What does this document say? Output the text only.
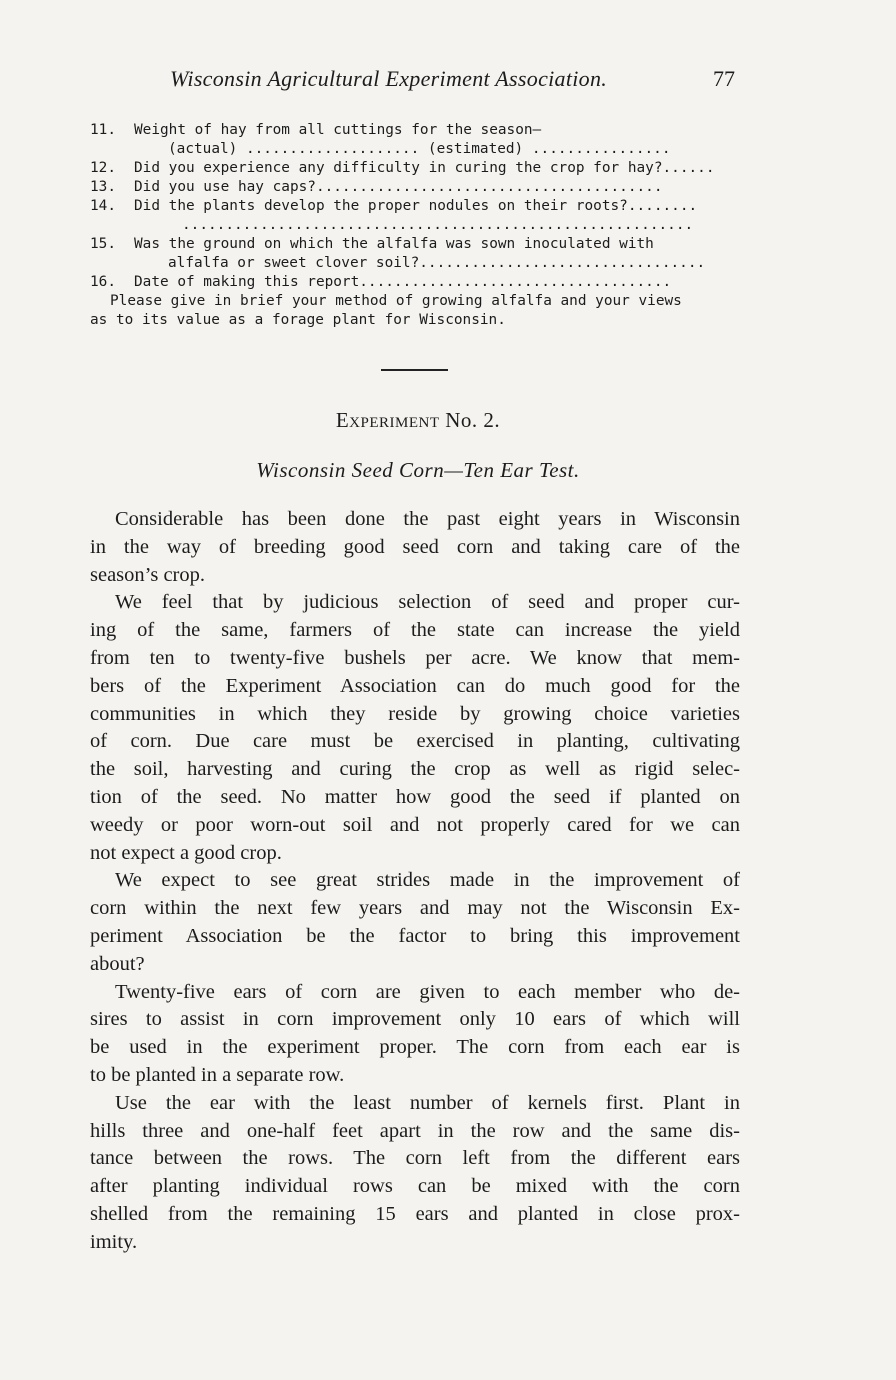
Wisconsin Agricultural Experiment Association.	77
11. Weight of hay from all cuttings for the season—
(actual) .................... (estimated) ................
12. Did you experience any difficulty in curing the crop for hay?......
13. Did you use hay caps?........................................
14. Did the plants develop the proper nodules on their roots?........
...........................................................
15. Was the ground on which the alfalfa was sown inoculated with
alfalfa or sweet clover soil?.................................
16. Date of making this report....................................
Please give in brief your method of growing alfalfa and your views
as to its value as a forage plant for Wisconsin.
Experiment No. 2.
Wisconsin Seed Corn—Ten Ear Test.
Considerable has been done the past eight years in Wisconsin
in the way of breeding good seed corn and taking care of the
season’s crop.
We feel that by judicious selection of seed and proper cur-
ing of the same, farmers of the state can increase the yield
from ten to twenty-five bushels per acre. We know that mem-
bers of the Experiment Association can do much good for the
communities in which they reside by growing choice varieties
of corn. Due care must be exercised in planting, cultivating
the soil, harvesting and curing the crop as well as rigid selec-
tion of the seed. No matter how good the seed if planted on
weedy or poor worn-out soil and not properly cared for we can
not expect a good crop.
We expect to see great strides made in the improvement of
corn within the next few years and may not the Wisconsin Ex-
periment Association be the factor to bring this improvement
about?
Twenty-five ears of corn are given to each member who de-
sires to assist in corn improvement only 10 ears of which will
be used in the experiment proper. The corn from each ear is
to be planted in a separate row.
Use the ear with the least number of kernels first. Plant in
hills three and one-half feet apart in the row and the same dis-
tance between the rows. The corn left from the different ears
after planting individual rows can be mixed with the corn
shelled from the remaining 15 ears and planted in close prox-
imity.
